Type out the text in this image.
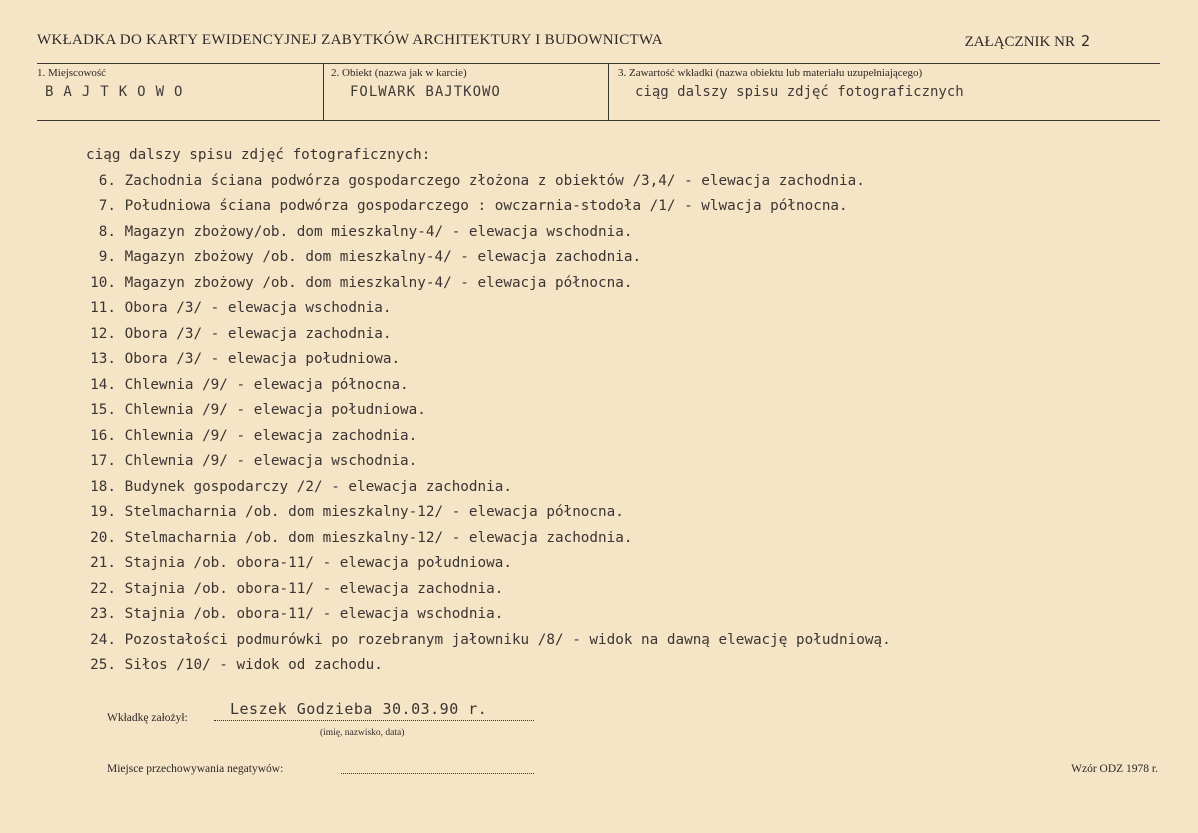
WKŁADKA DO KARTY EWIDENCYJNEJ ZABYTKÓW ARCHITEKTURY I BUDOWNICTWA	ZAŁĄCZNIK NR 2
1. Miejscowość	2. Obiekt (nazwa jak w karcie)	3. Zawartość wkładki (nazwa obiektu lub materiału uzupełniającego)
BAJTKOWO	FOLWARK BAJTKOWO	ciąg dalszy spisu zdjęć fotograficznych
ciąg dalszy spisu zdjęć fotograficznych:
6. Zachodnia ściana podwórza gospodarczego złożona z obiektów /3,4/ - elewacja zachodnia.
7. Południowa ściana podwórza gospodarczego : owczarnia-stodoła /1/ - wlwacja północna.
8. Magazyn zbożowy/ob. dom mieszkalny-4/ - elewacja wschodnia.
9. Magazyn zbożowy /ob. dom mieszkalny-4/ - elewacja zachodnia.
10. Magazyn zbożowy /ob. dom mieszkalny-4/ - elewacja północna.
11. Obora /3/ - elewacja wschodnia.
12. Obora /3/ - elewacja zachodnia.
13. Obora /3/ - elewacja południowa.
14. Chlewnia /9/ - elewacja północna.
15. Chlewnia /9/ - elewacja południowa.
16. Chlewnia /9/ - elewacja zachodnia.
17. Chlewnia /9/ - elewacja wschodnia.
18. Budynek gospodarczy /2/ - elewacja zachodnia.
19. Stelmacharnia /ob. dom mieszkalny-12/ - elewacja północna.
20. Stelmacharnia /ob. dom mieszkalny-12/ - elewacja zachodnia.
21. Stajnia /ob. obora-11/ - elewacja południowa.
22. Stajnia /ob. obora-11/ - elewacja zachodnia.
23. Stajnia /ob. obora-11/ - elewacja wschodnia.
24. Pozostałości podmurówki po rozebranym jałowniku /8/ - widok na dawną elewację południową.
25. Siłos /10/ - widok od zachodu.
Wkładkę założył:	Leszek Godzieba 30.03.90 r.
(imię, nazwisko, data)
Miejsce przechowywania negatywów:	Wzór ODZ 1978 r.
